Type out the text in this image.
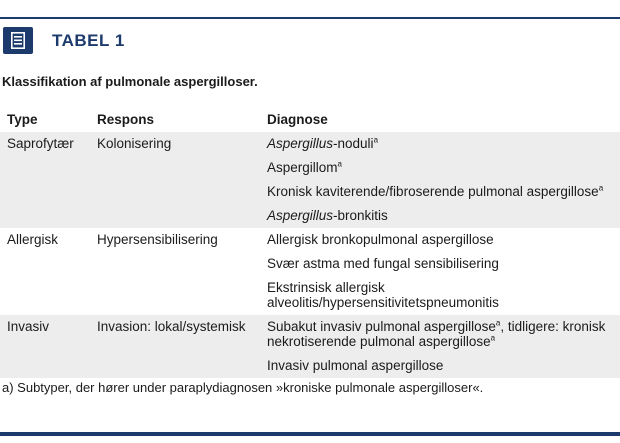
TABEL 1
Klassifikation af pulmonale aspergilloser.
Type	Respons	Diagnose

Saprofytær	Kolonisering	Aspergillus-noduli$^a$
Aspergillom$^a$
Kronisk kaviterende/fibroserende pulmonal aspergillose$^a$
Aspergillus-bronkitis

Allergisk	Hypersensibilisering	Allergisk bronkopulmonal aspergillose
Svær astma med fungal sensibilisering
Ekstrinsisk allergisk alveolitis/hypersensitivitetspneumonitis

Invasiv	Invasion: lokal/systemisk	Subakut invasiv pulmonal aspergillose$^a$, tidligere: kronisk
nekrotiserende pulmonal aspergillose$^a$
Invasiv pulmonal aspergillose
a) Subtyper, der hører under paraplydiagnosen »kroniske pulmonale aspergilloser«.
